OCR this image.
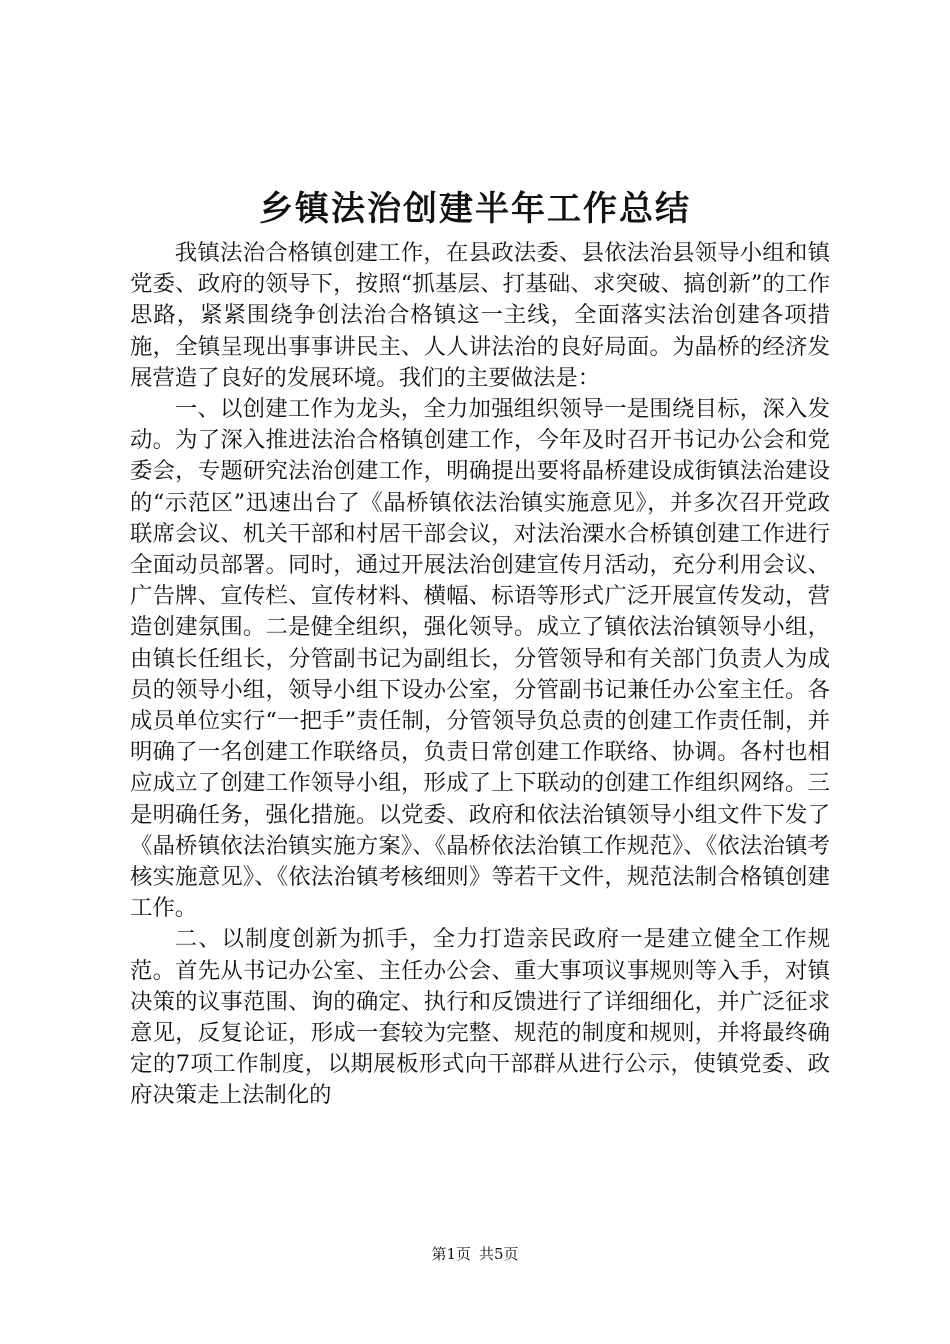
乡镇法治创建半年工作总结

我镇法治合格镇创建工作，在县政法委、县依法治县领导小组和镇党委、政府的领导下，按照“抓基层、打基础、求突破、搞创新”的工作思路，紧紧围绕争创法治合格镇这一主线，全面落实法治创建各项措施，全镇呈现出事事讲民主、人人讲法治的良好局面。为晶桥的经济发展营造了良好的发展环境。我们的主要做法是：

一、以创建工作为龙头，全力加强组织领导一是围绕目标，深入发动。为了深入推进法治合格镇创建工作，今年及时召开书记办公会和党委会，专题研究法治创建工作，明确提出要将晶桥建设成街镇法治建设的“示范区”迅速出台了《晶桥镇依法治镇实施意见》，并多次召开党政联席会议、机关干部和村居干部会议，对法治溧水合桥镇创建工作进行全面动员部署。同时，通过开展法治创建宣传月活动，充分利用会议、广告牌、宣传栏、宣传材料、横幅、标语等形式广泛开展宣传发动，营造创建氛围。二是健全组织，强化领导。成立了镇依法治镇领导小组，由镇长任组长，分管副书记为副组长，分管领导和有关部门负责人为成员的领导小组，领导小组下设办公室，分管副书记兼任办公室主任。各成员单位实行“一把手”责任制，分管领导负总责的创建工作责任制，并明确了一名创建工作联络员，负责日常创建工作联络、协调。各村也相应成立了创建工作领导小组，形成了上下联动的创建工作组织网络。三是明确任务，强化措施。以党委、政府和依法治镇领导小组文件下发了《晶桥镇依法治镇实施方案》、《晶桥依法治镇工作规范》、《依法治镇考核实施意见》、《依法治镇考核细则》等若干文件，规范法制合格镇创建工作。

二、以制度创新为抓手，全力打造亲民政府一是建立健全工作规范。首先从书记办公室、主任办公会、重大事项议事规则等入手，对镇决策的议事范围、询的确定、执行和反馈进行了详细细化，并广泛征求意见，反复论证，形成一套较为完整、规范的制度和规则，并将最终确定的7项工作制度，以期展板形式向干部群从进行公示，使镇党委、政府决策走上法制化的

第1页 共5页
